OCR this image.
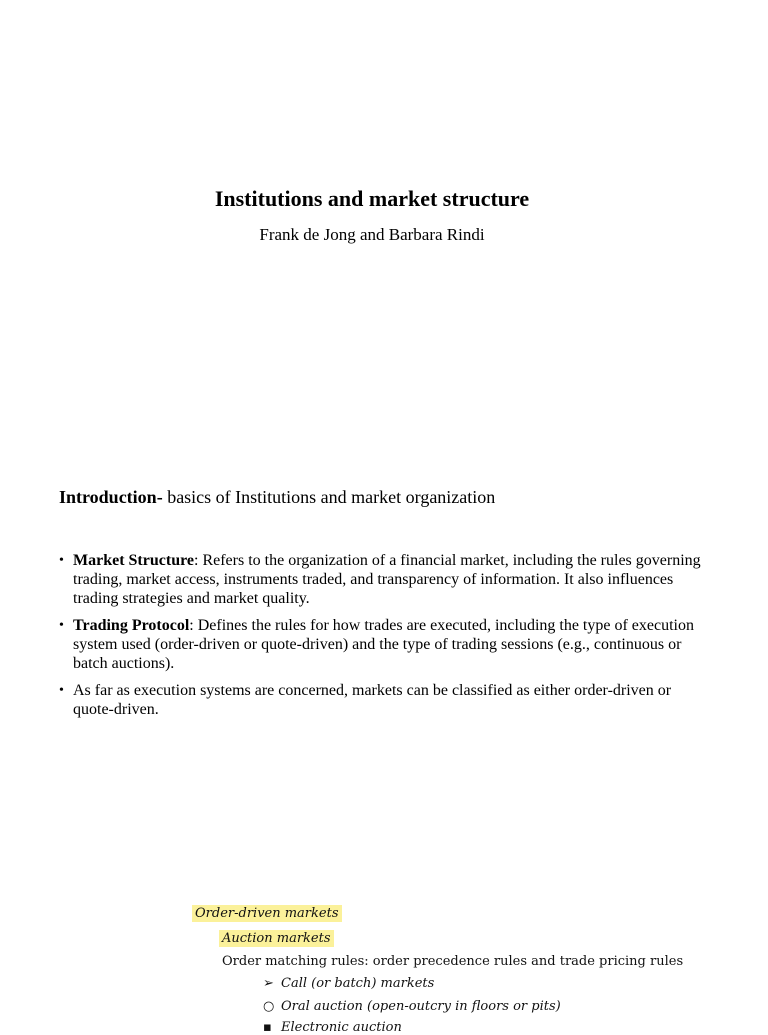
Institutions and market structure
Frank de Jong and Barbara Rindi
Introduction- basics of Institutions and market organization
• Market Structure: Refers to the organization of a financial market, including the rules governing trading, market access, instruments traded, and transparency of information. It also influences trading strategies and market quality.
• Trading Protocol: Defines the rules for how trades are executed, including the type of execution system used (order-driven or quote-driven) and the type of trading sessions (e.g., continuous or batch auctions).
• As far as execution systems are concerned, markets can be classified as either order-driven or quote-driven.
Order-driven markets
Auction markets
Order matching rules: order precedence rules and trade pricing rules
➢ Call (or batch) markets
○ Oral auction (open-outcry in floors or pits)
▪ Electronic auction
